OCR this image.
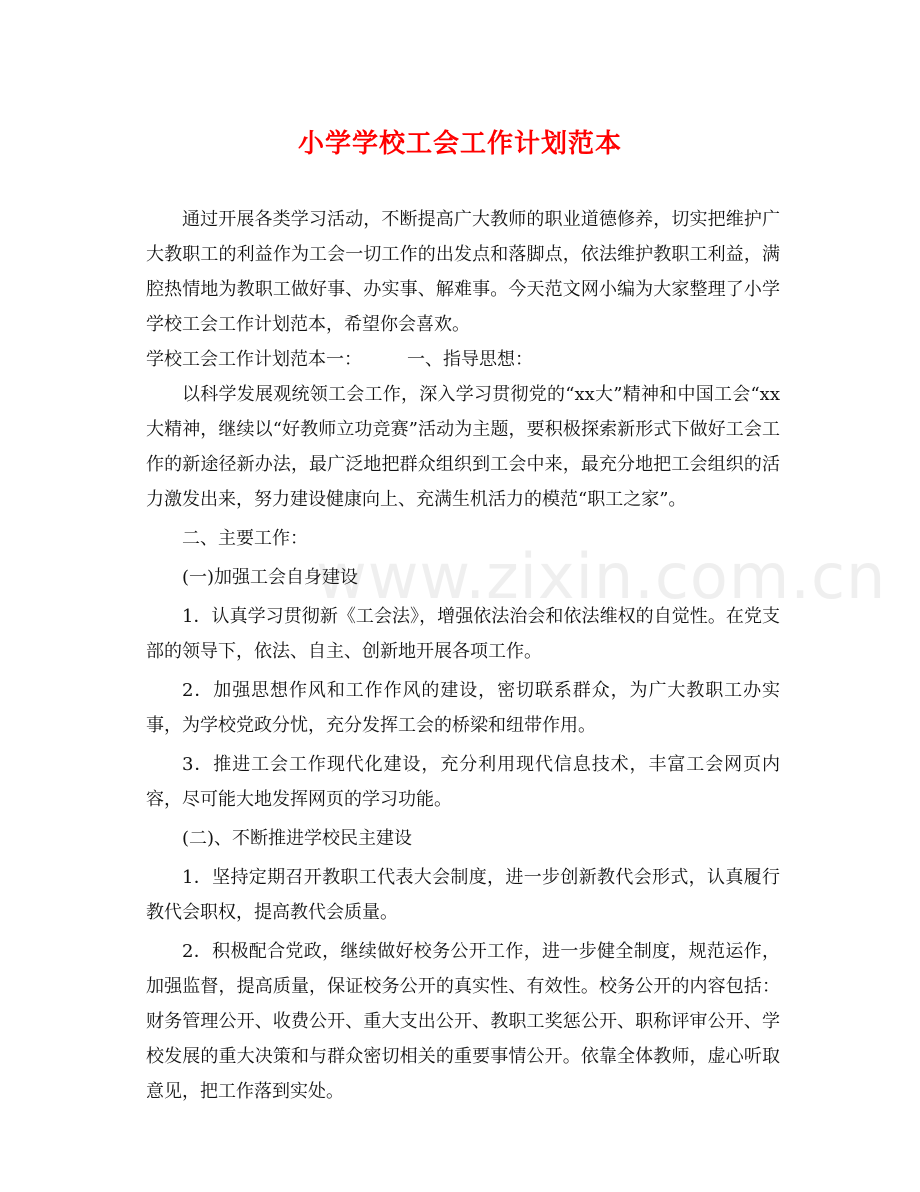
小学学校工会工作计划范本
www.zixin.com.cn

通过开展各类学习活动，不断提高广大教师的职业道德修养，切实把维护广大教职工的利益作为工会一切工作的出发点和落脚点，依法维护教职工利益，满腔热情地为教职工做好事、办实事、解难事。今天范文网小编为大家整理了小学学校工会工作计划范本，希望你会喜欢。

学校工会工作计划范本一：　　　一、指导思想：

以科学发展观统领工会工作，深入学习贯彻党的“xx大”精神和中国工会“xx大精神，继续以“好教师立功竞赛”活动为主题，要积极探索新形式下做好工会工作的新途径新办法，最广泛地把群众组织到工会中来，最充分地把工会组织的活力激发出来，努力建设健康向上、充满生机活力的模范“职工之家”。

二、主要工作：

(一)加强工会自身建设

1．认真学习贯彻新《工会法》，增强依法治会和依法维权的自觉性。在党支部的领导下，依法、自主、创新地开展各项工作。

2．加强思想作风和工作作风的建设，密切联系群众，为广大教职工办实事，为学校党政分忧，充分发挥工会的桥梁和纽带作用。

3．推进工会工作现代化建设，充分利用现代信息技术，丰富工会网页内容，尽可能大地发挥网页的学习功能。

(二)、不断推进学校民主建设

1．坚持定期召开教职工代表大会制度，进一步创新教代会形式，认真履行教代会职权，提高教代会质量。

2．积极配合党政，继续做好校务公开工作，进一步健全制度，规范运作，加强监督，提高质量，保证校务公开的真实性、有效性。校务公开的内容包括：财务管理公开、收费公开、重大支出公开、教职工奖惩公开、职称评审公开、学校发展的重大决策和与群众密切相关的重要事情公开。依靠全体教师，虚心听取意见，把工作落到实处。
